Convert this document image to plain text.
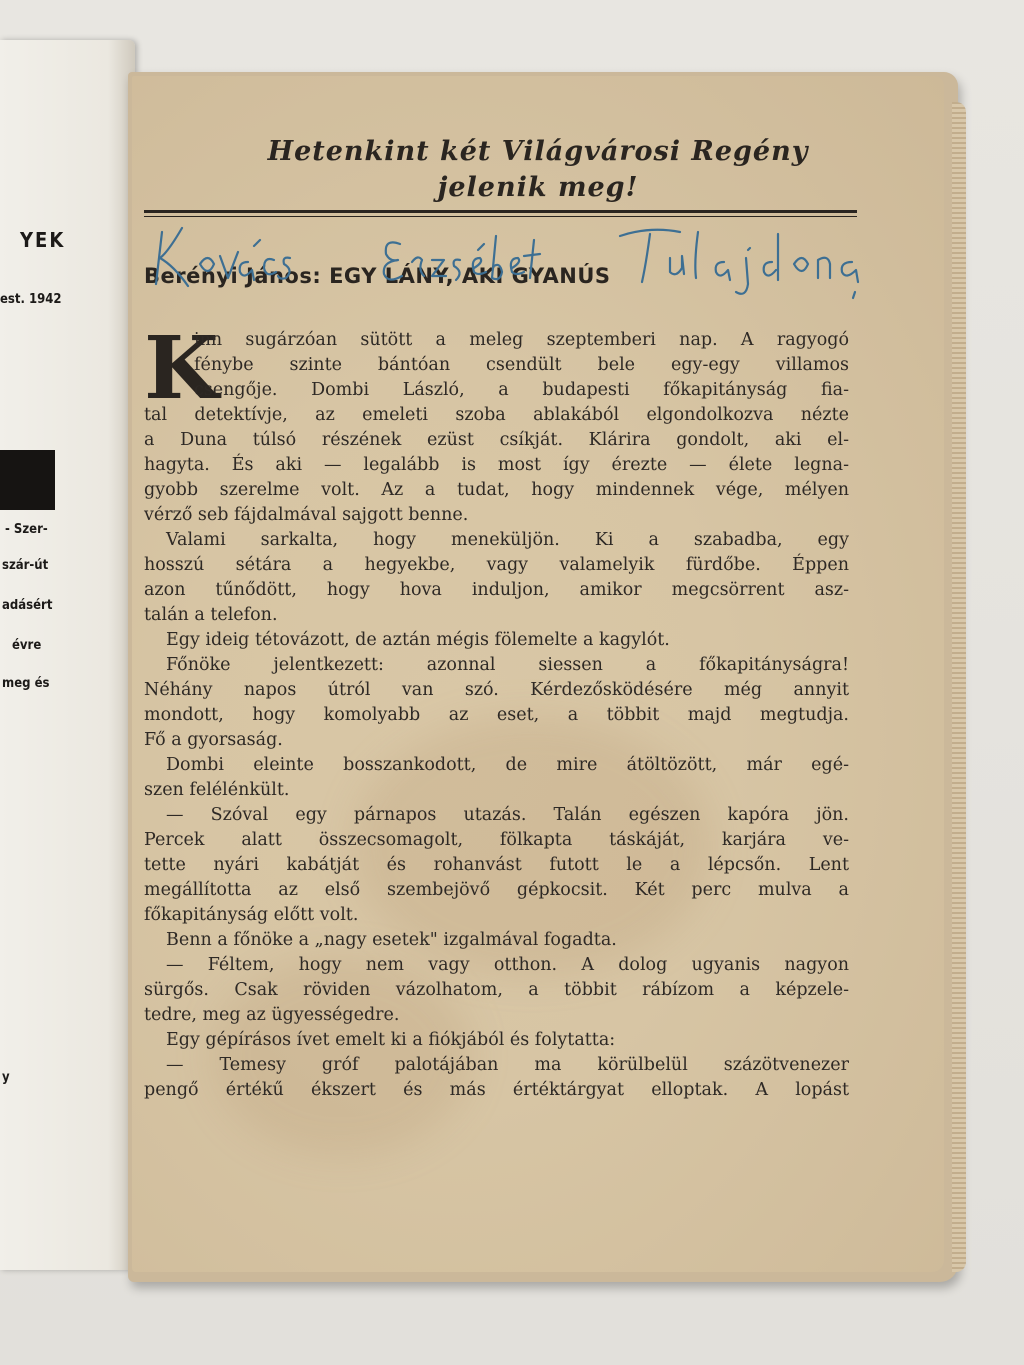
YEK
est. 1942
- Szer-
szár-út
adásért
évre
meg és
y
Hetenkint két Világvárosi Regény
jelenik meg!
Berényi János: EGY LÁNY, AKI GYANÚS
K
inn sugárzóan sütött a meleg szeptemberi nap. A ragyogó
fénybe szinte bántóan csendült bele egy-egy villamos
csengője. Dombi László, a budapesti főkapitányság fia-
tal detektívje, az emeleti szoba ablakából elgondolkozva nézte
a Duna túlsó részének ezüst csíkját. Klárira gondolt, aki el-
hagyta. És aki — legalább is most így érezte — élete legna-
gyobb szerelme volt. Az a tudat, hogy mindennek vége, mélyen
vérző seb fájdalmával sajgott benne.
Valami sarkalta, hogy meneküljön. Ki a szabadba, egy
hosszú sétára a hegyekbe, vagy valamelyik fürdőbe. Éppen
azon tűnődött, hogy hova induljon, amikor megcsörrent asz-
talán a telefon.
Egy ideig tétovázott, de aztán mégis fölemelte a kagylót.
Főnöke jelentkezett: azonnal siessen a főkapitányságra!
Néhány napos útról van szó. Kérdezősködésére még annyit
mondott, hogy komolyabb az eset, a többit majd megtudja.
Fő a gyorsaság.
Dombi eleinte bosszankodott, de mire átöltözött, már egé-
szen felélénkült.
— Szóval egy párnapos utazás. Talán egészen kapóra jön.
Percek alatt összecsomagolt, fölkapta táskáját, karjára ve-
tette nyári kabátját és rohanvást futott le a lépcsőn. Lent
megállította az első szembejövő gépkocsit. Két perc mulva a
főkapitányság előtt volt.
Benn a főnöke a „nagy esetek" izgalmával fogadta.
— Féltem, hogy nem vagy otthon. A dolog ugyanis nagyon
sürgős. Csak röviden vázolhatom, a többit rábízom a képzele-
tedre, meg az ügyességedre.
Egy gépírásos ívet emelt ki a fiókjából és folytatta:
— Temesy gróf palotájában ma körülbelül százötvenezer
pengő értékű ékszert és más értéktárgyat elloptak. A lopást
